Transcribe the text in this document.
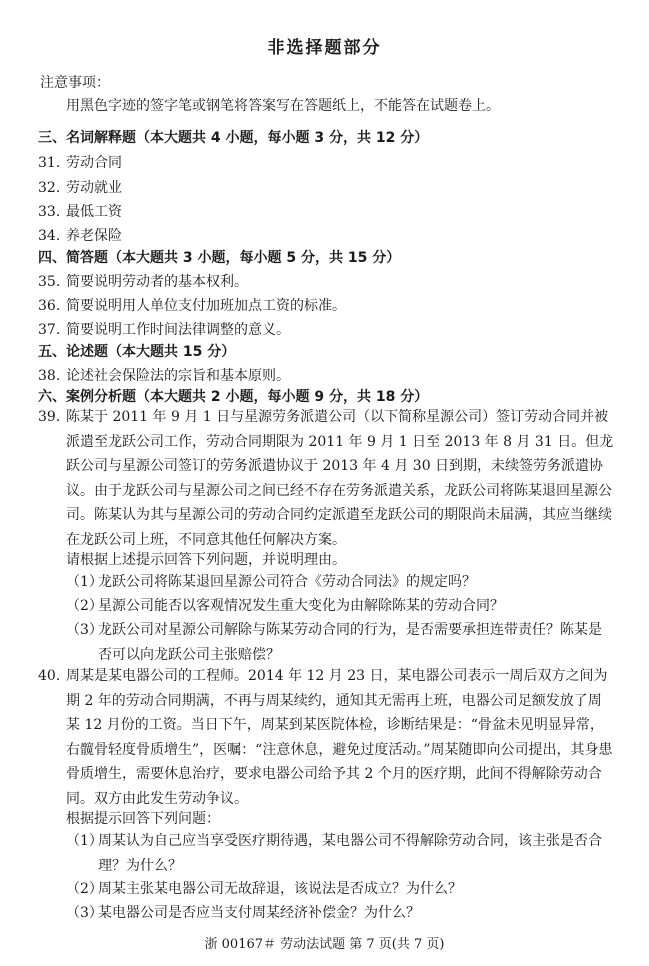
非选择题部分
注意事项：
用黑色字迹的签字笔或钢笔将答案写在答题纸上，不能答在试题卷上。
三、名词解释题（本大题共 4 小题，每小题 3 分，共 12 分）
31. 劳动合同
32. 劳动就业
33. 最低工资
34. 养老保险
四、简答题（本大题共 3 小题，每小题 5 分，共 15 分）
35. 简要说明劳动者的基本权利。
36. 简要说明用人单位支付加班加点工资的标准。
37. 简要说明工作时间法律调整的意义。
五、论述题（本大题共 15 分）
38. 论述社会保险法的宗旨和基本原则。
六、案例分析题（本大题共 2 小题，每小题 9 分，共 18 分）
39. 陈某于 2011 年 9 月 1 日与星源劳务派遣公司（以下简称星源公司）签订劳动合同并被派遣至龙跃公司工作，劳动合同期限为 2011 年 9 月 1 日至 2013 年 8 月 31 日。但龙跃公司与星源公司签订的劳务派遣协议于 2013 年 4 月 30 日到期，未续签劳务派遣协议。由于龙跃公司与星源公司之间已经不存在劳务派遣关系，龙跃公司将陈某退回星源公司。陈某认为其与星源公司的劳动合同约定派遣至龙跃公司的期限尚未届满，其应当继续在龙跃公司上班，不同意其他任何解决方案。
请根据上述提示回答下列问题，并说明理由。
（1）
龙跃公司将陈某退回星源公司符合《劳动合同法》的规定吗？
（2）
星源公司能否以客观情况发生重大变化为由解除陈某的劳动合同？
（3）
龙跃公司对星源公司解除与陈某劳动合同的行为，是否需要承担连带责任？陈某是否可以向龙跃公司主张赔偿？
40. 周某是某电器公司的工程师。2014 年 12 月 23 日，某电器公司表示一周后双方之间为期 2 年的劳动合同期满，不再与周某续约，通知其无需再上班，电器公司足额发放了周某 12 月份的工资。当日下午，周某到某医院体检，诊断结果是：“骨盆未见明显异常，右髋骨轻度骨质增生”，医嘱：“注意休息，避免过度活动。”周某随即向公司提出，其身患骨质增生，需要休息治疗，要求电器公司给予其 2 个月的医疗期，此间不得解除劳动合同。双方由此发生劳动争议。
根据提示回答下列问题：
（1）
周某认为自己应当享受医疗期待遇，某电器公司不得解除劳动合同，该主张是否合理？为什么？
（2）
周某主张某电器公司无故辞退，该说法是否成立？为什么？
（3）
某电器公司是否应当支付周某经济补偿金？为什么？
浙 00167＃ 劳动法试题 第 7 页(共 7 页)
